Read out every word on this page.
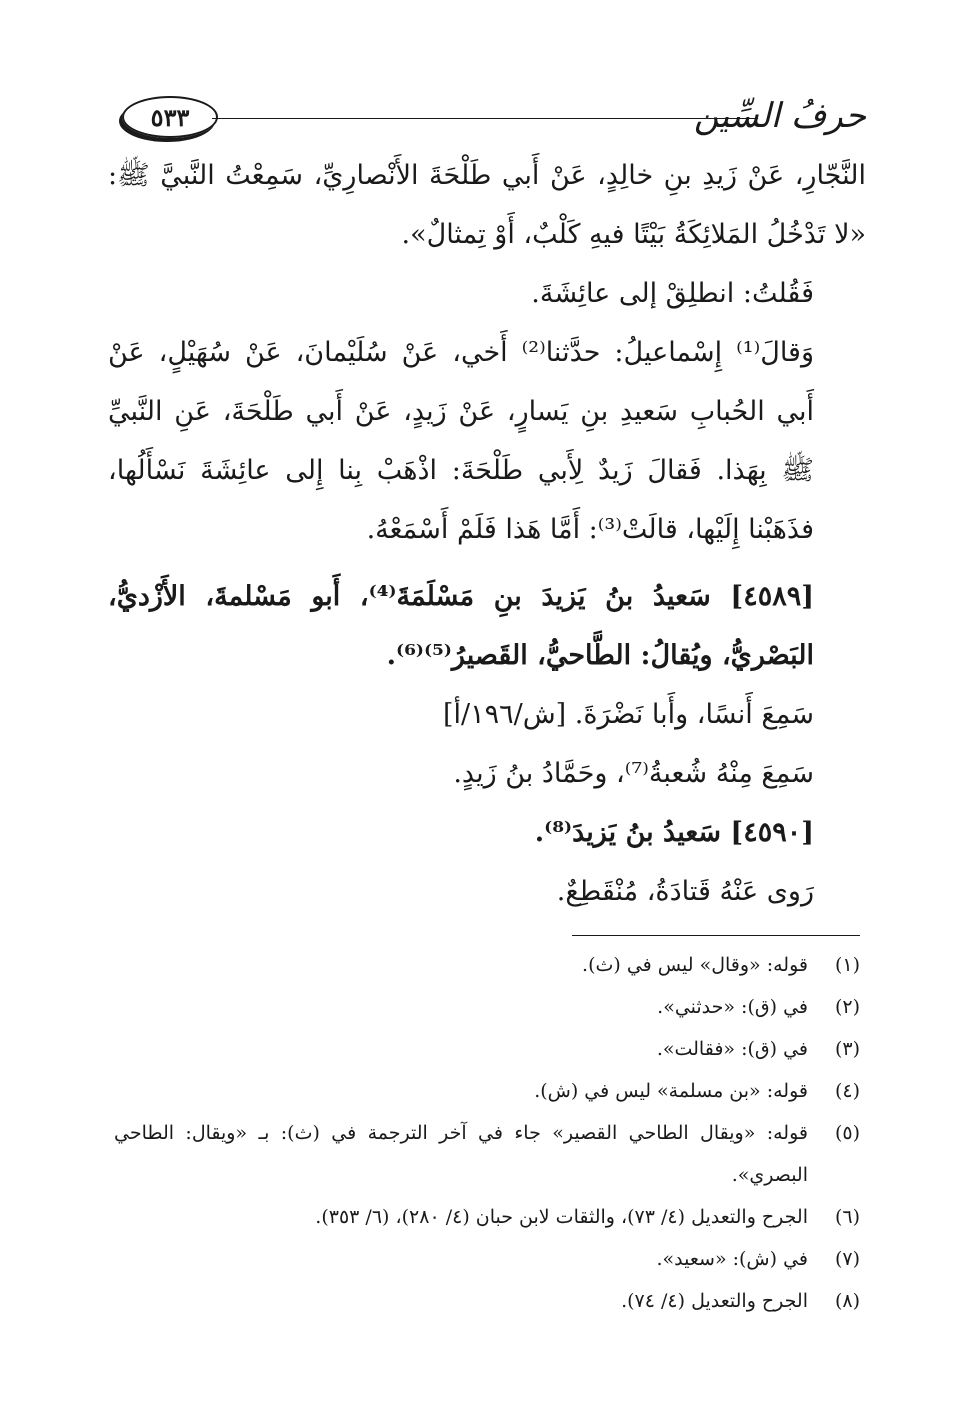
حرفُ السِّين
٥٣٣

النَّجّارِ، عَنْ زَيدِ بنِ خالِدٍ، عَنْ أَبي طَلْحَةَ الأَنْصارِيِّ، سَمِعْتُ النَّبيَّ ﷺ: «لا تَدْخُلُ المَلائِكَةُ بَيْتًا فيهِ كَلْبٌ، أَوْ تِمثالٌ».

فَقُلتُ: انطلِقْ إلى عائِشَةَ.

وَقالَ⁽¹⁾ إِسْماعيلُ: حدَّثنا⁽²⁾ أَخي، عَنْ سُلَيْمانَ، عَنْ سُهَيْلٍ، عَنْ أَبي الحُبابِ سَعيدِ بنِ يَسارٍ، عَنْ زَيدٍ، عَنْ أَبي طَلْحَةَ، عَنِ النَّبيِّ ﷺ بِهَذا. فَقالَ زَيدٌ لِأَبي طَلْحَةَ: اذْهَبْ بِنا إِلى عائِشَةَ نَسْأَلُها، فذَهَبْنا إِلَيْها، قالَتْ⁽³⁾: أَمَّا هَذا فَلَمْ أَسْمَعْهُ.

[٤٥٨٩] سَعيدُ بنُ يَزيدَ بنِ مَسْلَمَةَ⁽⁴⁾، أَبو مَسْلمةَ، الأَزْديُّ، البَصْريُّ، ويُقالُ: الطَّاحيُّ، القَصيرُ⁽⁵⁾⁽⁶⁾.

سَمِعَ أَنسًا، وأَبا نَضْرَةَ. [ش/١٩٦/أ]
سَمِعَ مِنْهُ شُعبةُ⁽⁷⁾، وحَمَّادُ بنُ زَيدٍ.
[٤٥٩٠] سَعيدُ بنُ يَزيدَ⁽⁸⁾.
رَوى عَنْهُ قَتادَةُ، مُنْقَطِعٌ.
(١)
قوله: «وقال» ليس في (ث).
(٢)
في (ق): «حدثني».
(٣)
في (ق): «فقالت».
(٤)
قوله: «بن مسلمة» ليس في (ش).
(٥)
قوله: «ويقال الطاحي القصير» جاء في آخر الترجمة في (ث): بـ «ويقال: الطاحي البصري».
(٦)
الجرح والتعديل (٤/ ٧٣)، والثقات لابن حبان (٤/ ٢٨٠)، (٦/ ٣٥٣).
(٧)
في (ش): «سعيد».
(٨)
الجرح والتعديل (٤/ ٧٤).
